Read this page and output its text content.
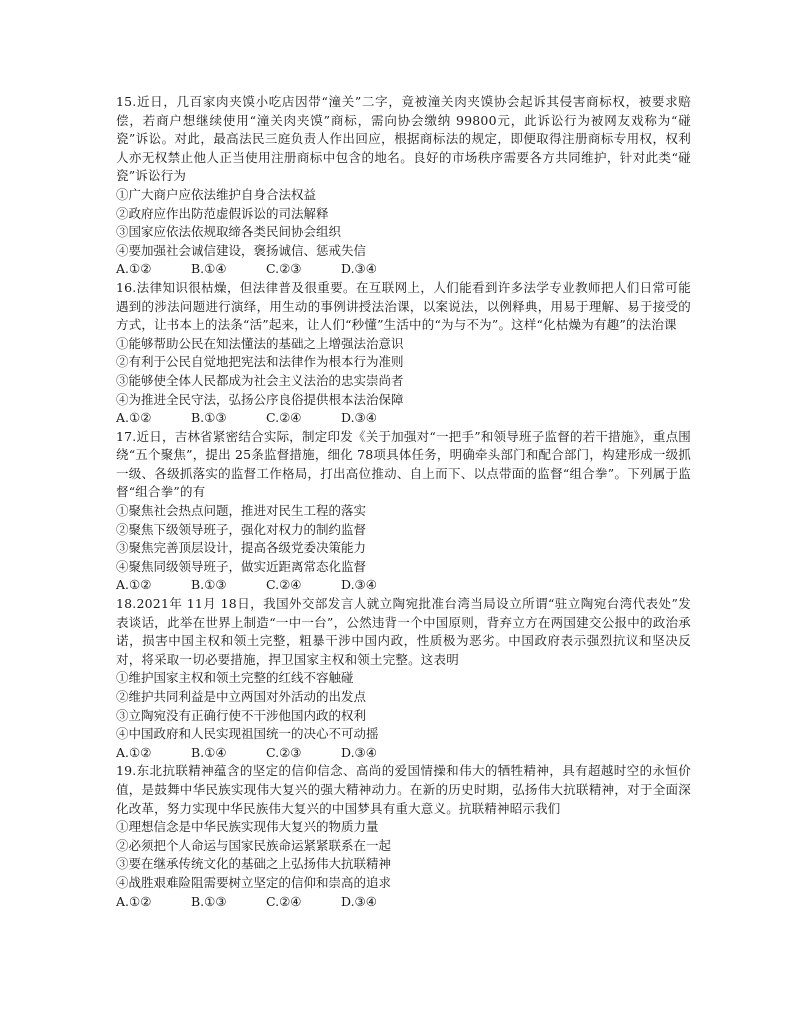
15.近日，几百家肉夹馍小吃店因带“潼关”二字，竟被潼关肉夹馍协会起诉其侵害商标权，被要求赔偿，若商户想继续使用“潼关肉夹馍”商标，需向协会缴纳 99800元，此诉讼行为被网友戏称为“碰瓷”诉讼。对此，最高法民三庭负责人作出回应，根据商标法的规定，即便取得注册商标专用权，权利人亦无权禁止他人正当使用注册商标中包含的地名。良好的市场秩序需要各方共同维护，针对此类“碰瓷”诉讼行为

①广大商户应依法维护自身合法权益

②政府应作出防范虚假诉讼的司法解释

③国家应依法依规取缔各类民间协会组织

④要加强社会诚信建设，褒扬诚信、惩戒失信

A.①②	B.①④	C.②③	D.③④

16.法律知识很枯燥，但法律普及很重要。在互联网上，人们能看到许多法学专业教师把人们日常可能遇到的涉法问题进行演绎，用生动的事例讲授法治课，以案说法，以例释典，用易于理解、易于接受的方式，让书本上的法条“活”起来，让人们“秒懂”生活中的“为与不为”。这样“化枯燥为有趣”的法治课

①能够帮助公民在知法懂法的基础之上增强法治意识

②有利于公民自觉地把宪法和法律作为根本行为准则

③能够使全体人民都成为社会主义法治的忠实崇尚者

④为推进全民守法，弘扬公序良俗提供根本法治保障

A.①②	B.①③	C.②④	D.③④

17.近日，吉林省紧密结合实际，制定印发《关于加强对“一把手”和领导班子监督的若干措施》，重点围绕“五个聚焦”，提出 25条监督措施，细化 78项具体任务，明确牵头部门和配合部门，构建形成一级抓一级、各级抓落实的监督工作格局，打出高位推动、自上而下、以点带面的监督“组合拳”。下列属于监督“组合拳”的有

①聚焦社会热点问题，推进对民生工程的落实

②聚焦下级领导班子，强化对权力的制约监督

③聚焦完善顶层设计，提高各级党委决策能力

④聚焦同级领导班子，做实近距离常态化监督

A.①②	B.①③	C.②④	D.③④

18.2021年 11月 18日，我国外交部发言人就立陶宛批准台湾当局设立所谓“驻立陶宛台湾代表处”发表谈话，此举在世界上制造“一中一台”，公然违背一个中国原则，背弃立方在两国建交公报中的政治承诺，损害中国主权和领土完整，粗暴干涉中国内政，性质极为恶劣。中国政府表示强烈抗议和坚决反对，将采取一切必要措施，捍卫国家主权和领土完整。这表明

①维护国家主权和领土完整的红线不容触碰

②维护共同利益是中立两国对外活动的出发点

③立陶宛没有正确行使不干涉他国内政的权利

④中国政府和人民实现祖国统一的决心不可动摇

A.①②	B.①④	C.②③	D.③④

19.东北抗联精神蕴含的坚定的信仰信念、高尚的爱国情操和伟大的牺牲精神，具有超越时空的永恒价值，是鼓舞中华民族实现伟大复兴的强大精神动力。在新的历史时期，弘扬伟大抗联精神，对于全面深化改革，努力实现中华民族伟大复兴的中国梦具有重大意义。抗联精神昭示我们

①理想信念是中华民族实现伟大复兴的物质力量

②必须把个人命运与国家民族命运紧紧联系在一起

③要在继承传统文化的基础之上弘扬伟大抗联精神

④战胜艰难险阻需要树立坚定的信仰和崇高的追求

A.①②	B.①③	C.②④	D.③④
